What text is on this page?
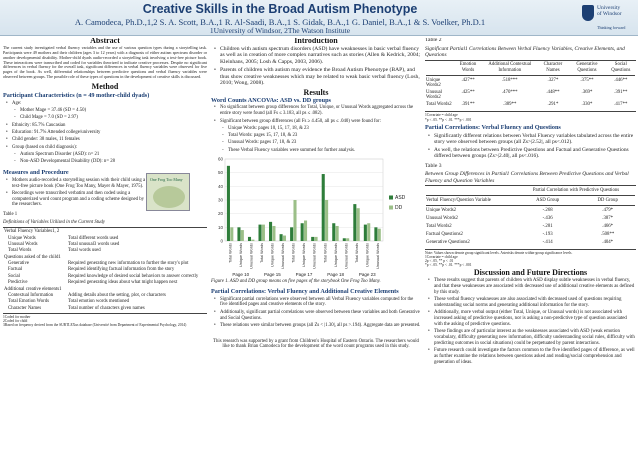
Creative Skills in the Broad Autism Phenotype
A. Camodeca, Ph.D.,1,2 S. A. Scott, B.A.,1 R. Al-Saadi, B.A.,1 S. Gidak, B.A.,1 G. Daniel, B.A.,1 & S. Voelker, Ph.D.1
1University of Windsor, 2The Watson Institute
University
of Windsor
Thinking forward
Abstract

The current study investigated verbal fluency variables and the use of various question types during a storytelling task. Participants were 49 mothers and their children (ages 3 to 12 years) with a diagnosis of either autism spectrum disorder or another developmental disability. Mother-child dyads audio-recorded a storytelling task involving a text-free picture book. These interactions were transcribed and coded for variables theorized to indicate creative processes. Despite no significant differences in verbal fluency for the overall task, significant differences in verbal fluency variables were observed for five pages of the book. As well, differential relationships between predictive questions and verbal fluency variables were observed between groups. The possible role of these types of questions in the development of creative skills is discussed.

Method
Participant Characteristics (n = 49 mother-child dyads)
• Age:
◦ Mother Mage = 37.46 (SD = 4.50)
◦ Child Mage = 7.0 (SD = 2.97)
• Ethnicity: 85.7% Caucasian
• Education: 91.7% Attended college/university
• Child gender: 38 males, 11 females
• Group (based on child diagnosis):
◦ Autism Spectrum Disorder (ASD): n= 21
◦ Non-ASD Developmental Disability (DD): n= 28
Measures and Procedure
• Mothers audio-recorded a storytelling session with their child using a text-free picture book (One Frog Too Many, Mayer & Mayer, 1975).
• Recordings were transcribed verbatim and then coded using a computerized word count program and a coding scheme designed by the researchers.
Table 1
Definitions of Variables Utilized in the Current Study
Verbal Fluency Variables1, 2	
Unique Words	Total different words used
Unusual Words	Total unusual3 words used
Total Words	Total words used
Questions asked of the child1	
Generative	Required generating new information to further the story's plot
Factual	Required identifying factual information from the story
Social	Required knowledge of desired social behaviors to answer correctly
Predictive	Required generating ideas about what might happen next
Additional creative elements1	
Contextual Information	Adding details about the setting, plot, or characters
Total Emotion Words	Total emotion words mentioned
Character Names	Total number of characters given names
1Coded for mother
2Coded for child
3Based on frequency derived from the SUBTLEXus database (Université from Department of Experimental Psychology, 2014)
One Frog Too Many
Introduction
• Children with autism spectrum disorders (ASD) have weaknesses in basic verbal fluency as well as in creation of more complex narratives such as stories (Allen & Kedrick, 2004; Kleinhans, 2005; Losh & Capps, 2003, 2006).
• Parents of children with autism may evidence the Broad Autism Phenotype (BAP), and thus show creative weaknesses which may be related to weak basic verbal fluency (Losh, 2010; Wong, 2008).
Results
Word Counts ANCOVAs: ASD vs. DD groups
• No significant between group differences for Total, Unique, or Unusual Words aggregated across the entire story were found (all Fs ≤ 3.183, all ps ≤ .082).
• Significant between group differences (all Fs ≥ 4.450, all ps ≤ .040) were found for:
◦ Unique Words: pages 10, 15, 17, 18, & 23
◦ Total Words: pages 15, 17, 18, & 23
◦ Unusual Words: pages 17, 18, & 23
◦ These Verbal Fluency variables were summed for further analysis.
0
10
20
30
40
50
60
Total Words Unique Words Unusual Words Total Words Unique Words Unusual Words Total Words Unique Words Unusual Words Total Words Unique Words Unusual Words Total Words Unique Words Unusual Words
Page 10	Page 15	Page 17	Page 18	Page 23
ASD
DD

Figure 1. ASD and DD group means on five pages of the storybook One Frog Too Many.

Partial Correlations: Verbal Fluency and Additional Creative Elements
• Significant partial correlations were observed between all Verbal Fluency variables computed for the five identified pages and creative elements of the story.
• Additionally, significant partial correlations were observed between these variables and both Generative and Social Questions.
• These relations were similar between groups (all Zs < |1.30|, all ps >.194). Aggregate data are presented.
This research was supported by a grant from Children's Hospital of Eastern Ontario. The researchers would like to thank Brian Camodeca for the development of the word count programs used in this study.
Table 2
Significant Partial1 Correlations Between Verbal Fluency Variables, Creative Elements, and Questions
	Emotion Words	Additional Contextual Information	Character Names	Generative Questions	Social Questions

Unique Words2	.427**	.518***	.327*	.375**	.446**
Unusual Words2	.425**	.470***	.448**	.369*	.391**
Total Words2	.391**	.389**	.291*	.330*	.417**
1Covariate = child age
*p < .05. **p < .01. ***p < .001
Partial Correlations: Verbal Fluency and Questions
• Significantly different relations between Verbal Fluency variables tabulated across the entire story were observed between groups (all Zs>|2.52|, all ps<.012).
• As well, the relations between Predictive Questions and Factual and Generative Questions differed between groups (Zs>|2.40|, all ps<.016).
Table 3
Between Group Differences in Partial1 Correlations Between Predictive Questions and Verbal Fluency and Question Variables
	Partial Correlation with Predictive Questions	

Verbal Fluency/Question Variable	ASD Group	DD Group

Unique Words2	-.268	.479*
Unusual Words2	-.436	.387*
Total Words2	-.281	.466*
Factual Questions2	-.193	.508**
Generative Questions2	-.414	.404*
Note: Values shown denote group significant levels. Asterisks denote within-group significance levels.
1Covariate = child age
2p < .05, ** p < .01
*p < .05. **p < .01. ***p < .001
Discussion and Future Directions
• These results suggest that parents of children with ASD display subtle weaknesses in verbal fluency, and that these weaknesses are associated with decreased use of additional creative elements as defined by this study.
• These verbal fluency weaknesses are also associated with decreased used of questions requiring understanding social norms and generating additional information for the story.
• Additionally, more verbal output (either Total, Unique, or Unusual words) is not associated with increased asking of predictive questions, nor is asking a non-predictive type of question associated with the asking of predictive questions.
• These findings are of particular interest as the weaknesses associated with ASD (weak emotion vocabulary, difficulty generating new information, difficulty understanding social rules, difficulty with predicting outcomes in social situations) could be perpetuated by parent interactions.
• Future research could investigate the factors common to the five identified pages of difference, as well as further examine the relations between questions asked and reading/social comprehension and generation of ideas.
